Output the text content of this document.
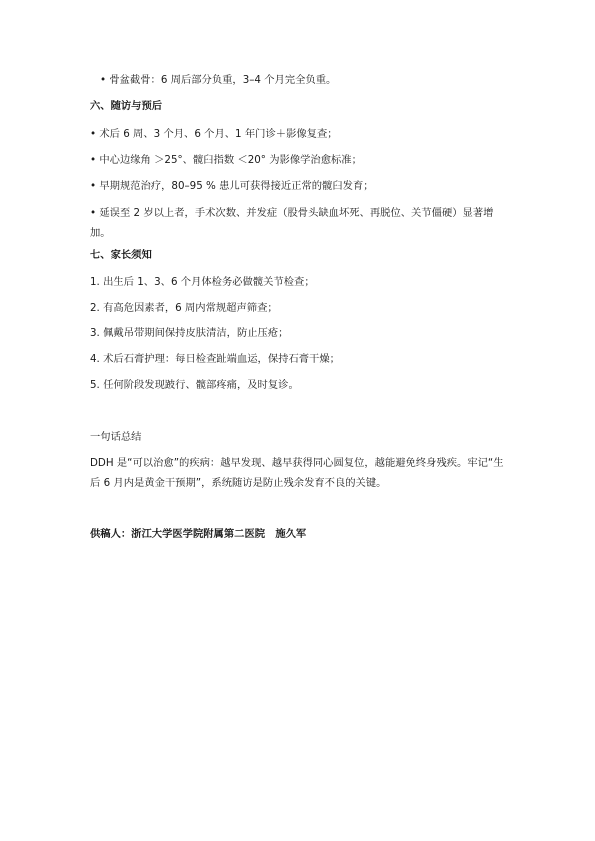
• 骨盆截骨：6 周后部分负重，3–4 个月完全负重。
六、随访与预后
• 术后 6 周、3 个月、6 个月、1 年门诊＋影像复查；
• 中心边缘角 ＞25°、髋臼指数 ＜20° 为影像学治愈标准；
• 早期规范治疗，80–95 % 患儿可获得接近正常的髋臼发育；
• 延误至 2 岁以上者，手术次数、并发症（股骨头缺血坏死、再脱位、关节僵硬）显著增加。
七、家长须知
1. 出生后 1、3、6 个月体检务必做髋关节检查；
2. 有高危因素者，6 周内常规超声筛查；
3. 佩戴吊带期间保持皮肤清洁，防止压疮；
4. 术后石膏护理：每日检查趾端血运，保持石膏干燥；
5. 任何阶段发现跛行、髋部疼痛，及时复诊。
一句话总结
DDH 是“可以治愈”的疾病：越早发现、越早获得同心圆复位，越能避免终身残疾。牢记“生后 6 月内是黄金干预期”，系统随访是防止残余发育不良的关键。
供稿人：浙江大学医学院附属第二医院　施久军
